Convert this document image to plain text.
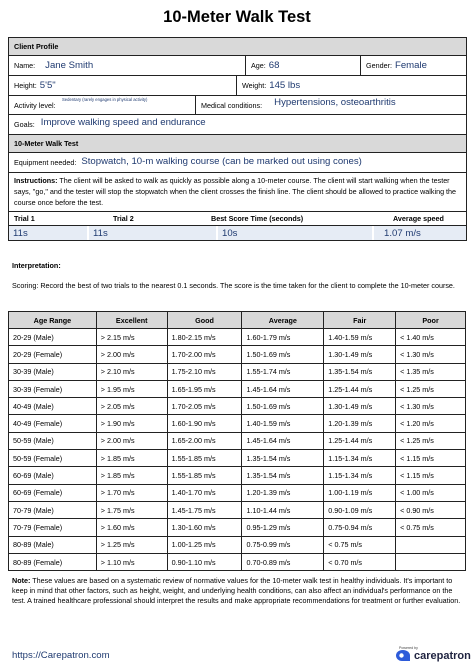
10-Meter Walk Test
Client Profile
Name: Jane Smith	Age: 68	Gender: Female
Height: 5'5"	Weight: 145 lbs
Activity level:
Sedentary (rarely engages in physical activity)
Medical conditions: Hypertensions, osteoarthritis
Goals: Improve walking speed and endurance
10-Meter Walk Test
Equipment needed: Stopwatch, 10-m walking course (can be marked out using cones)
Instructions: The client will be asked to walk as quickly as possible along a 10-meter course. The client will start walking when the tester says, "go," and the tester will stop the stopwatch when the client crosses the finish line. The client should be allowed to practice walking the course once before the test.
Trial 1	Trial 2	Best Score Time (seconds)	Average speed
11s	11s	10s	1.07 m/s
Interpretation:
Scoring: Record the best of two trials to the nearest 0.1 seconds. The score is the time taken for the client to complete the 10-meter course.
Age Range	Excellent	Good	Average	Fair	Poor
20-29 (Male)	> 2.15 m/s	1.80-2.15 m/s	1.60-1.79 m/s	1.40-1.59 m/s	< 1.40 m/s
20-29 (Female)	> 2.00 m/s	1.70-2.00 m/s	1.50-1.69 m/s	1.30-1.49 m/s	< 1.30 m/s
30-39 (Male)	> 2.10 m/s	1.75-2.10 m/s	1.55-1.74 m/s	1.35-1.54 m/s	< 1.35 m/s
30-39 (Female)	> 1.95 m/s	1.65-1.95 m/s	1.45-1.64 m/s	1.25-1.44 m/s	< 1.25 m/s
40-49 (Male)	> 2.05 m/s	1.70-2.05 m/s	1.50-1.69 m/s	1.30-1.49 m/s	< 1.30 m/s
40-49 (Female)	> 1.90 m/s	1.60-1.90 m/s	1.40-1.59 m/s	1.20-1.39 m/s	< 1.20 m/s
50-59 (Male)	> 2.00 m/s	1.65-2.00 m/s	1.45-1.64 m/s	1.25-1.44 m/s	< 1.25 m/s
50-59 (Female)	> 1.85 m/s	1.55-1.85 m/s	1.35-1.54 m/s	1.15-1.34 m/s	< 1.15 m/s
60-69 (Male)	> 1.85 m/s	1.55-1.85 m/s	1.35-1.54 m/s	1.15-1.34 m/s	< 1.15 m/s
60-69 (Female)	> 1.70 m/s	1.40-1.70 m/s	1.20-1.39 m/s	1.00-1.19 m/s	< 1.00 m/s
70-79 (Male)	> 1.75 m/s	1.45-1.75 m/s	1.10-1.44 m/s	0.90-1.09 m/s	< 0.90 m/s
70-79 (Female)	> 1.60 m/s	1.30-1.60 m/s	0.95-1.29 m/s	0.75-0.94 m/s	< 0.75 m/s
80-89 (Male)	> 1.25 m/s	1.00-1.25 m/s	0.75-0.99 m/s	< 0.75 m/s	
80-89 (Female)	> 1.10 m/s	0.90-1.10 m/s	0.70-0.89 m/s	< 0.70 m/s	
Note: These values are based on a systematic review of normative values for the 10-meter walk test in healthy individuals. It's important to keep in mind that other factors, such as height, weight, and underlying health conditions, can also affect an individual's performance on the test. A trained healthcare professional should interpret the results and make appropriate recommendations for treatment or further evaluation.
https://Carepatron.com
Powered by
carepatron
